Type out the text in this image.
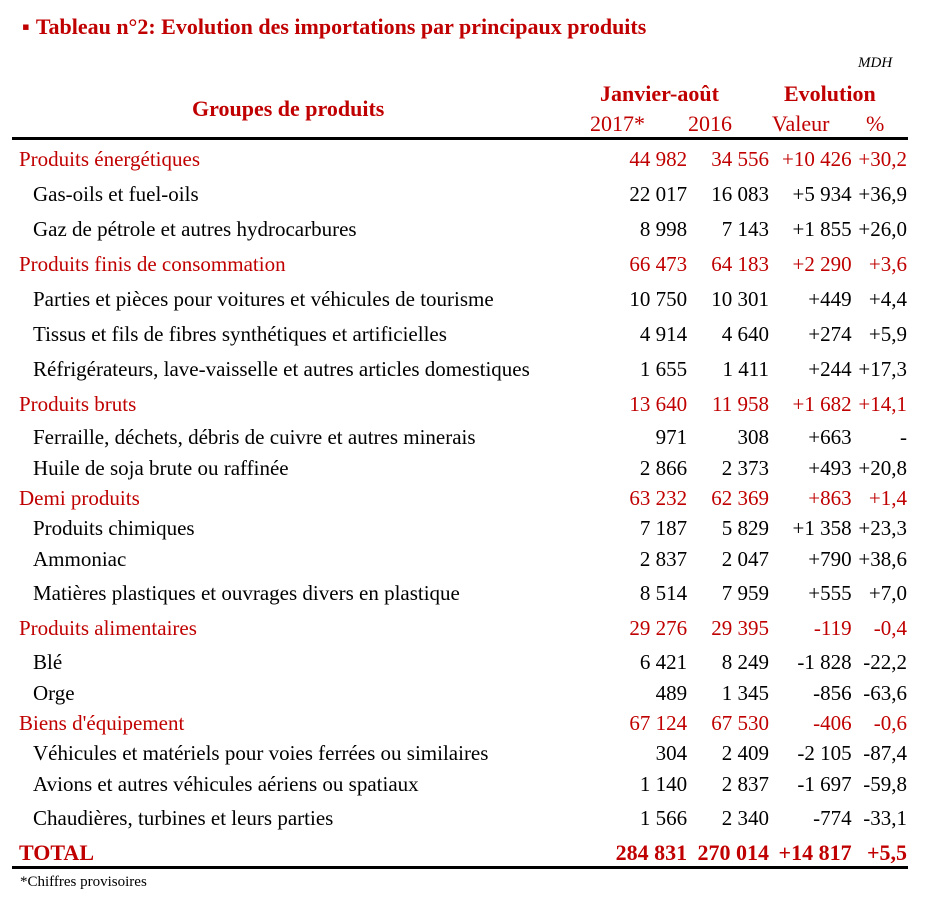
▪ Tableau n°2: Evolution des importations par principaux produits
MDH
Groupes de produits
Janvier-août	Evolution
2017* 2016 Valeur %
Produits énergétiques	44 982	34 556	+10 426	+30,2
Gas-oils et fuel-oils	22 017	16 083	+5 934	+36,9
Gaz de pétrole et autres hydrocarbures	8 998	7 143	+1 855	+26,0
Produits finis de consommation	66 473	64 183	+2 290	+3,6
Parties et pièces pour voitures et véhicules de tourisme	10 750	10 301	+449	+4,4
Tissus et fils de fibres synthétiques et artificielles	4 914	4 640	+274	+5,9
Réfrigérateurs, lave-vaisselle et autres articles domestiques	1 655	1 411	+244	+17,3
Produits bruts	13 640	11 958	+1 682	+14,1
Ferraille, déchets, débris de cuivre et autres minerais	971	308	+663	-
Huile de soja brute ou raffinée	2 866	2 373	+493	+20,8
Demi produits	63 232	62 369	+863	+1,4
Produits chimiques	7 187	5 829	+1 358	+23,3
Ammoniac	2 837	2 047	+790	+38,6
Matières plastiques et ouvrages divers en plastique	8 514	7 959	+555	+7,0
Produits alimentaires	29 276	29 395	-119	-0,4
Blé	6 421	8 249	-1 828	-22,2
Orge	489	1 345	-856	-63,6
Biens d'équipement	67 124	67 530	-406	-0,6
Véhicules et matériels pour voies ferrées ou similaires	304	2 409	-2 105	-87,4
Avions et autres véhicules aériens ou spatiaux	1 140	2 837	-1 697	-59,8
Chaudières, turbines et leurs parties	1 566	2 340	-774	-33,1
TOTAL	284 831	270 014	+14 817	+5,5
*Chiffres provisoires
